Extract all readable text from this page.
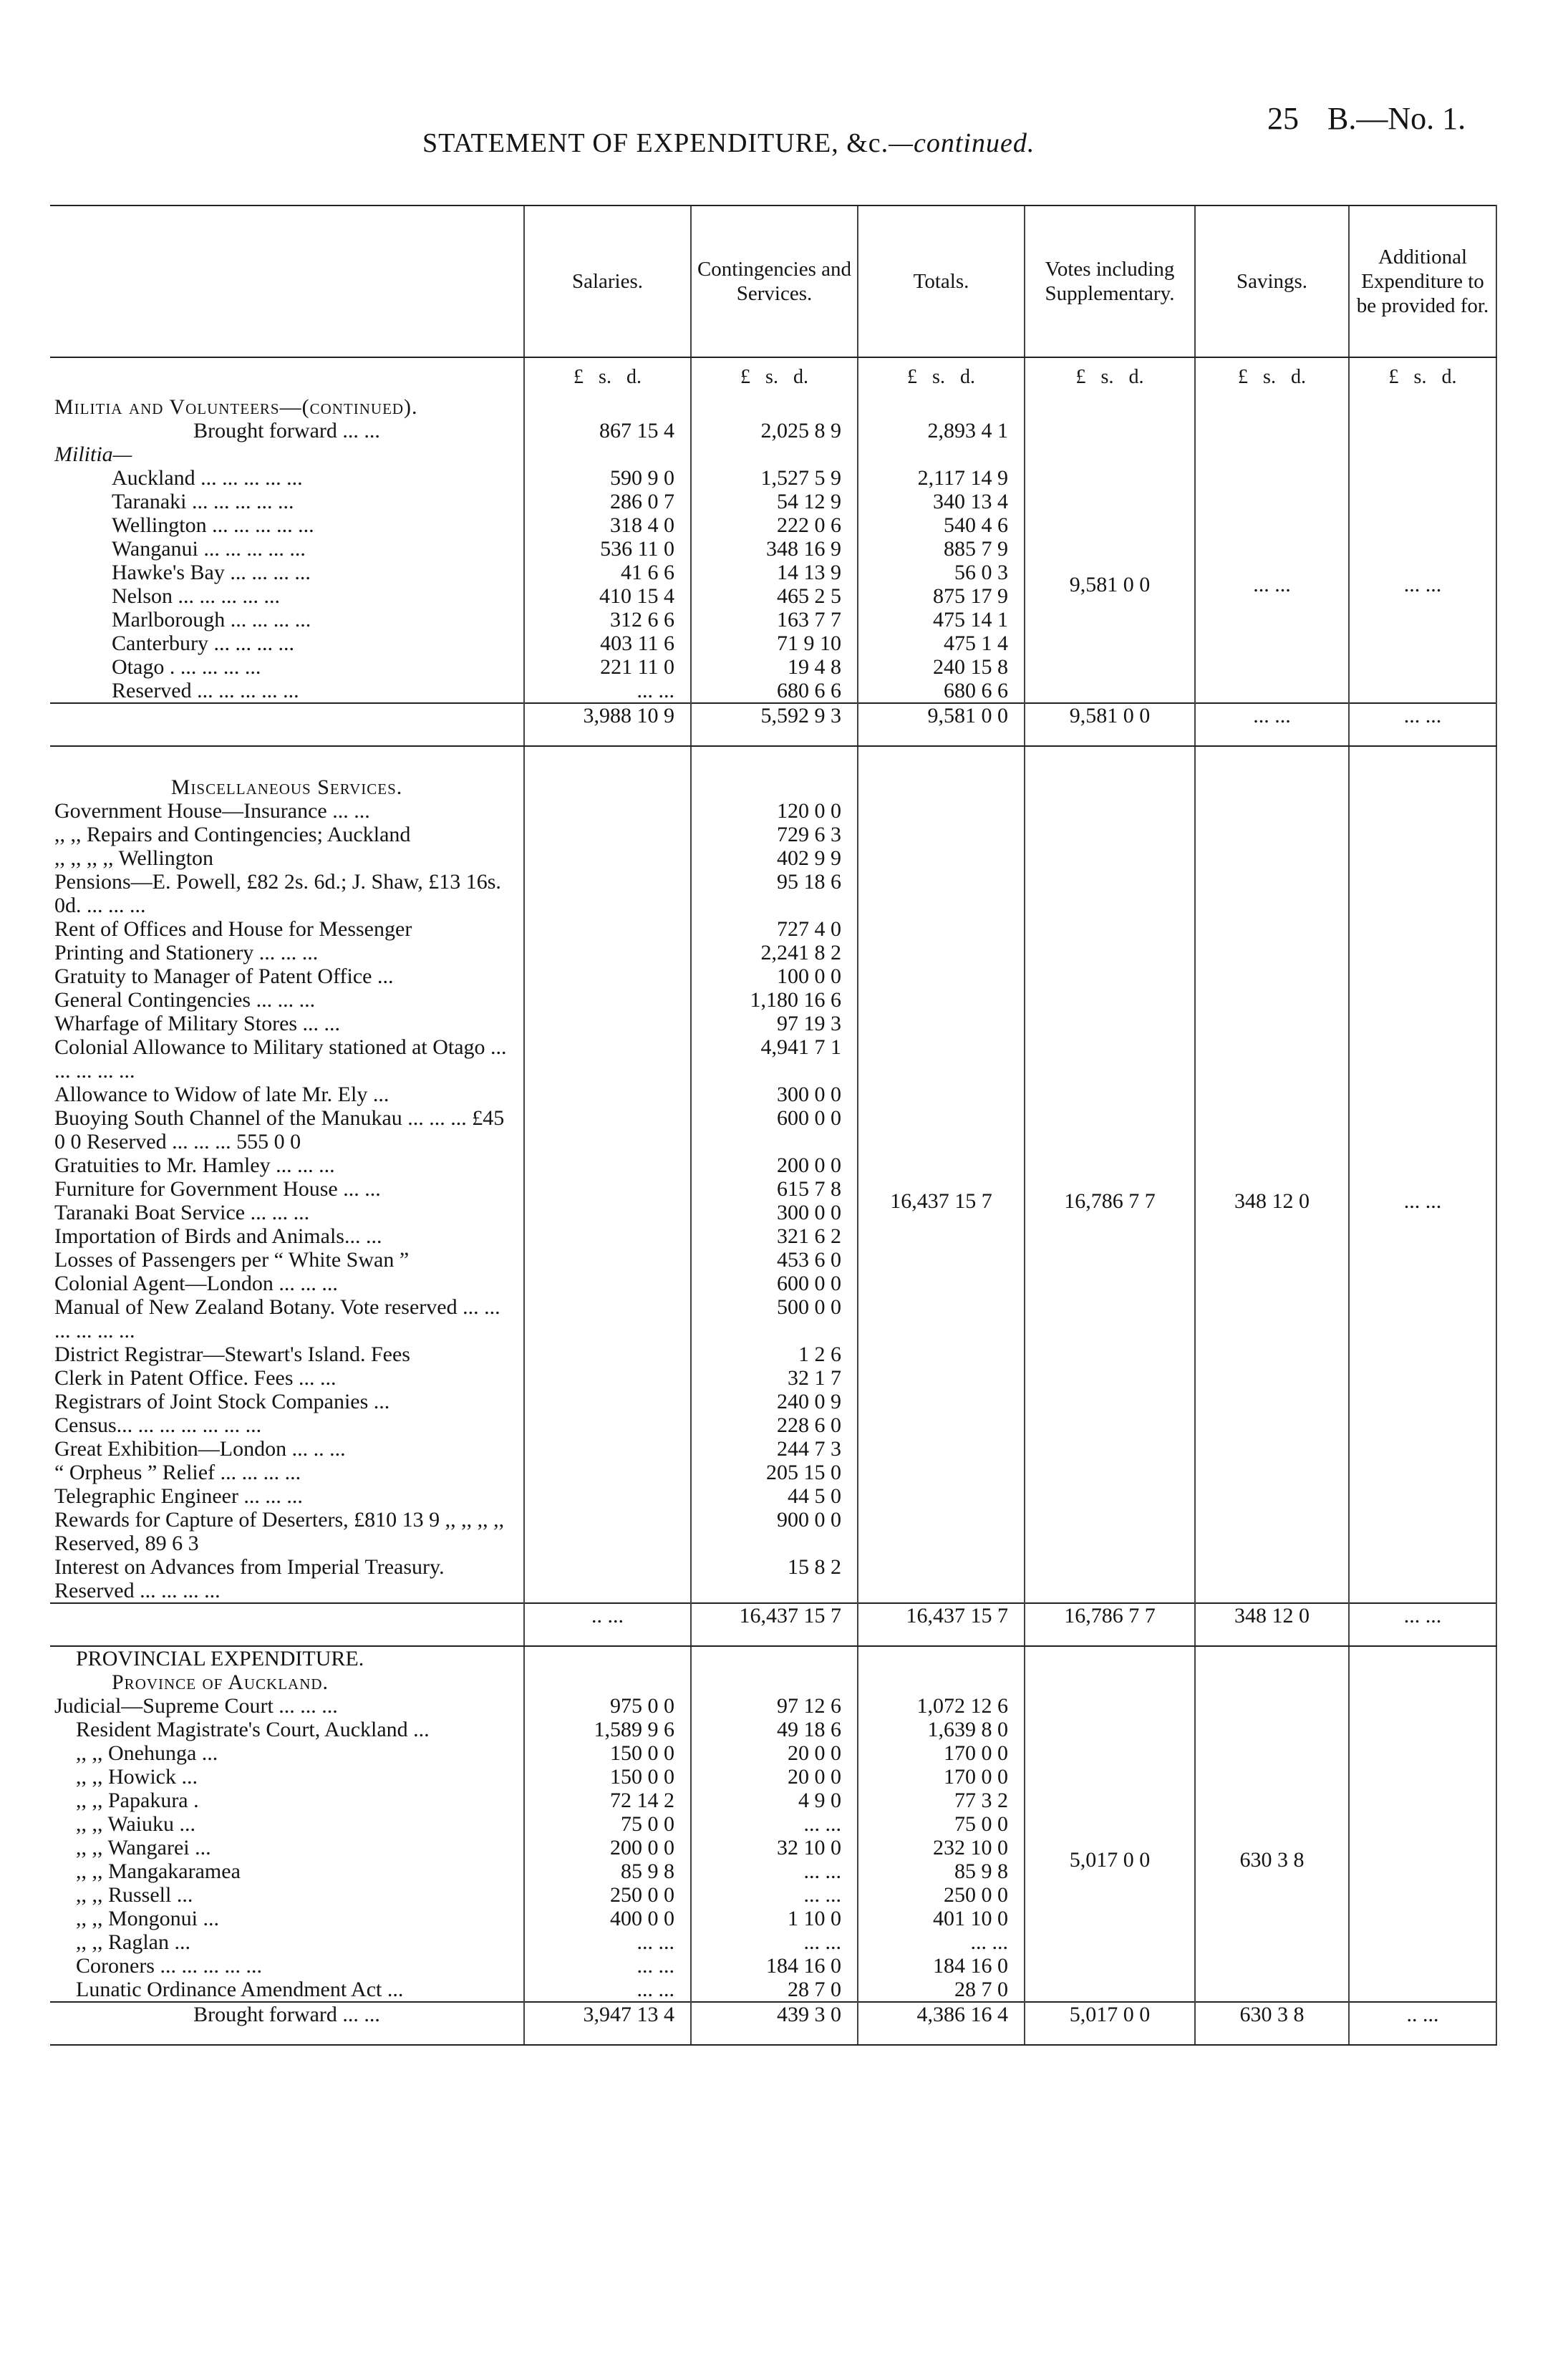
STATEMENT OF EXPENDITURE, &c.—continued.
25 B.—No. 1.
	Salaries.	Contingencies and Services.	Totals.	Votes including Supplementary.	Savings.	Additional Expenditure to be provided for.
	£ s. d.	£ s. d.	£ s. d.	£ s. d.	£ s. d.	£ s. d.
Militia and Volunteers—(continued).						
Brought forward ... ...	867 15 4	2,025 8 9	2,893 4 1			
Militia—						
Auckland ... ... ... ... ...	590 9 0	1,527 5 9	2,117 14 9	9,581 0 0	... ...	... ...
Taranaki ... ... ... ... ...	286 0 7	54 12 9	340 13 4			
Wellington ... ... ... ... ...	318 4 0	222 0 6	540 4 6			
Wanganui ... ... ... ... ...	536 11 0	348 16 9	885 7 9			
Hawke's Bay ... ... ... ...	41 6 6	14 13 9	56 0 3			
Nelson ... ... ... ... ...	410 15 4	465 2 5	875 17 9			
Marlborough ... ... ... ...	312 6 6	163 7 7	475 14 1			
Canterbury ... ... ... ...	403 11 6	71 9 10	475 1 4			
Otago . ... ... ... ...	221 11 0	19 4 8	240 15 8			
Reserved ... ... ... ... ...	... ...	680 6 6	680 6 6			
	3,988 10 9	5,592 9 3	9,581 0 0	9,581 0 0	... ...	... ...

Miscellaneous Services.						
Government House—Insurance ... ...		120 0 0	16,437 15 7	16,786 7 7	348 12 0	... ...
,, ,, Repairs and Contingencies; Auckland		729 6 3				
,, ,, ,, ,, Wellington		402 9 9				
Pensions—E. Powell, £82 2s. 6d.; J. Shaw, £13 16s. 0d. ... ... ...		95 18 6				
Rent of Offices and House for Messenger		727 4 0				
Printing and Stationery ... ... ...		2,241 8 2				
Gratuity to Manager of Patent Office ...		100 0 0				
General Contingencies ... ... ...		1,180 16 6				
Wharfage of Military Stores ... ...		97 19 3				
Colonial Allowance to Military stationed at Otago ... ... ... ... ...		4,941 7 1				
Allowance to Widow of late Mr. Ely ...		300 0 0				
Buoying South Channel of the Manukau ... ... ... £45 0 0 Reserved ... ... ... 555 0 0		600 0 0				
Gratuities to Mr. Hamley ... ... ...		200 0 0				
Furniture for Government House ... ...		615 7 8				
Taranaki Boat Service ... ... ...		300 0 0				
Importation of Birds and Animals... ...		321 6 2				
Losses of Passengers per “ White Swan ”		453 6 0				
Colonial Agent—London ... ... ...		600 0 0				
Manual of New Zealand Botany. Vote reserved ... ... ... ... ... ...		500 0 0				
District Registrar—Stewart's Island. Fees		1 2 6				
Clerk in Patent Office. Fees ... ...		32 1 7				
Registrars of Joint Stock Companies ...		240 0 9				
Census... ... ... ... ... ... ...		228 6 0				
Great Exhibition—London ... .. ...		244 7 3				
“ Orpheus ” Relief ... ... ... ...		205 15 0				
Telegraphic Engineer ... ... ...		44 5 0				
Rewards for Capture of Deserters, £810 13 9 ,, ,, ,, ,, Reserved, 89 6 3		900 0 0				
Interest on Advances from Imperial Treasury. Reserved ... ... ... ...		15 8 2				
	.. ...	16,437 15 7	16,437 15 7	16,786 7 7	348 12 0	... ...
PROVINCIAL EXPENDITURE.						
Province of Auckland.						
Judicial—Supreme Court ... ... ...	975 0 0	97 12 6	1,072 12 6			
Resident Magistrate's Court, Auckland ...	1,589 9 6	49 18 6	1,639 8 0	5,017 0 0	630 3 8	
,, ,, Onehunga ...	150 0 0	20 0 0	170 0 0			
,, ,, Howick ...	150 0 0	20 0 0	170 0 0			
,, ,, Papakura .	72 14 2	4 9 0	77 3 2			
,, ,, Waiuku ...	75 0 0	... ...	75 0 0			
,, ,, Wangarei ...	200 0 0	32 10 0	232 10 0			
,, ,, Mangakaramea	85 9 8	... ...	85 9 8			
,, ,, Russell ...	250 0 0	... ...	250 0 0			
,, ,, Mongonui ...	400 0 0	1 10 0	401 10 0			
,, ,, Raglan ...	... ...	... ...	... ...			
Coroners ... ... ... ... ...	... ...	184 16 0	184 16 0			
Lunatic Ordinance Amendment Act ...	... ...	28 7 0	28 7 0			
Brought forward ... ...	3,947 13 4	439 3 0	4,386 16 4	5,017 0 0	630 3 8	.. ...
